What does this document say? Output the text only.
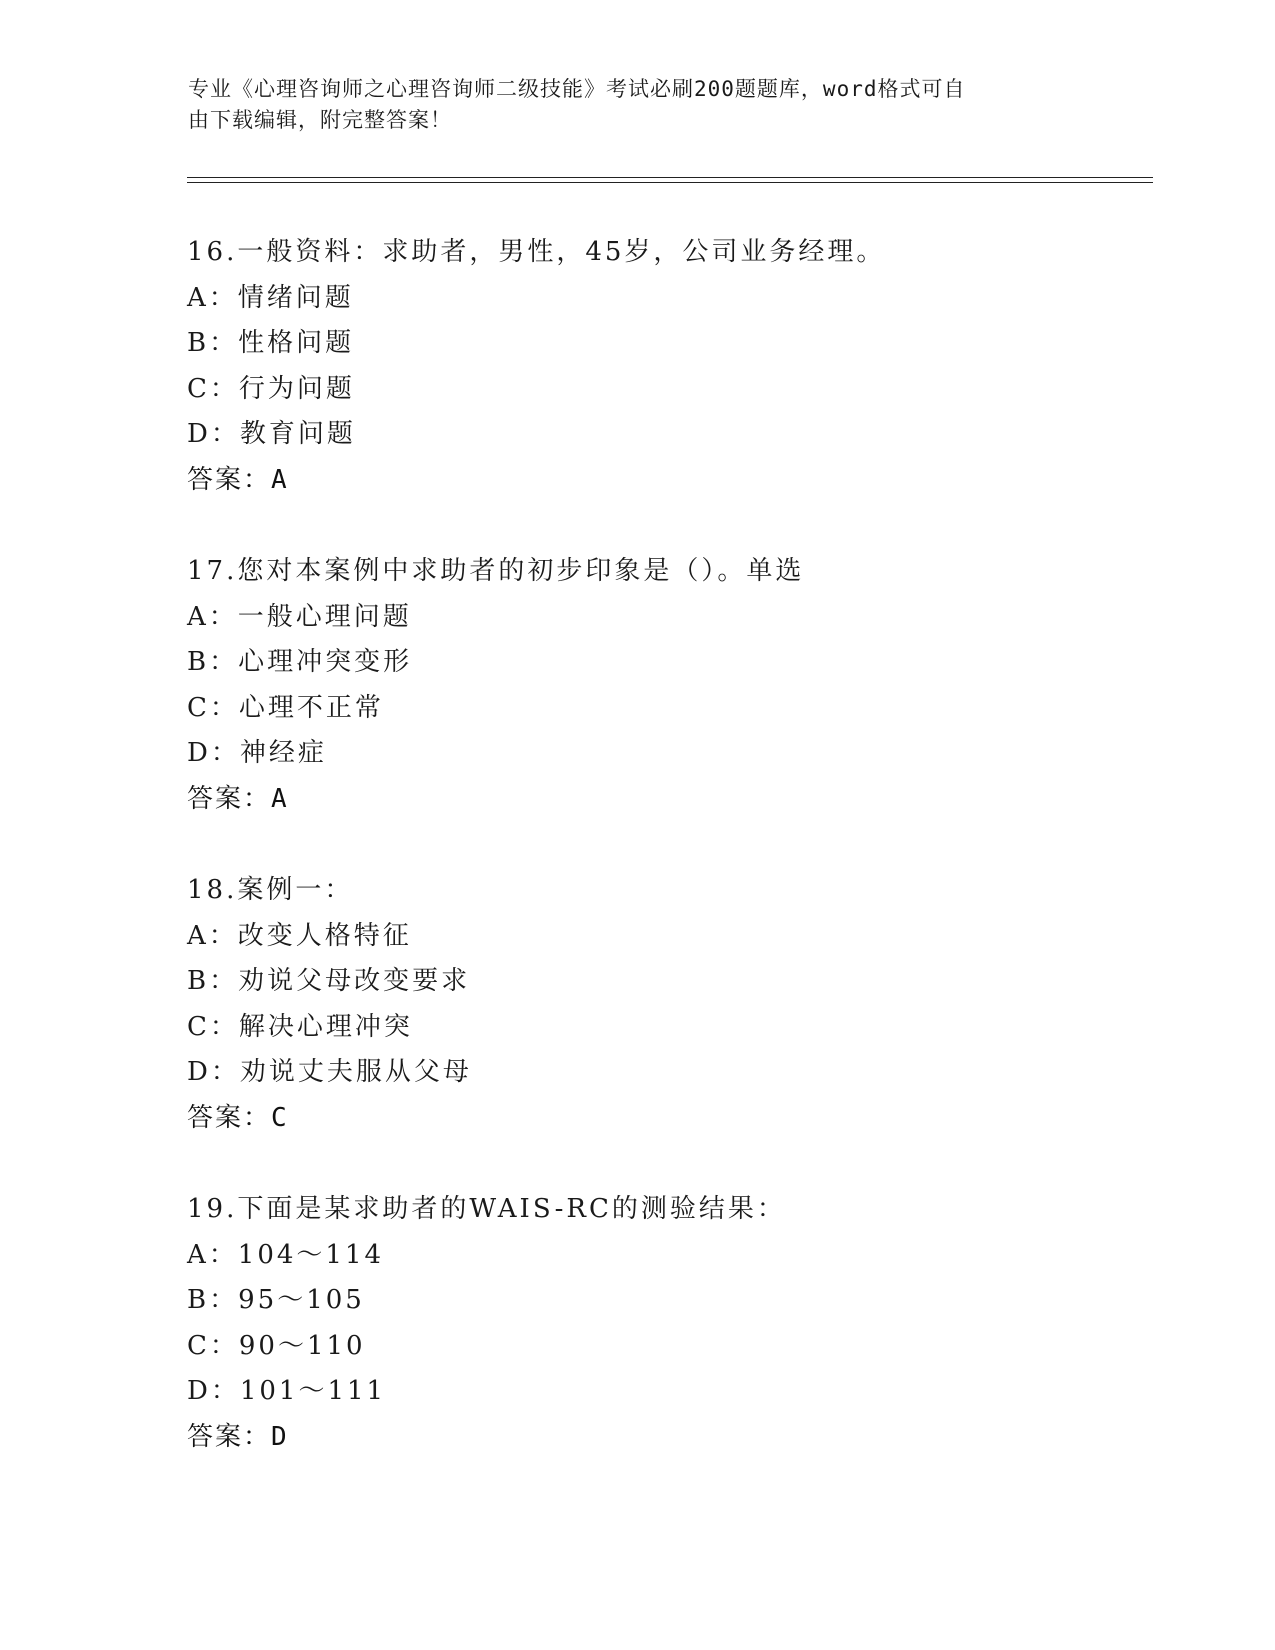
专业《心理咨询师之心理咨询师二级技能》考试必刷200题题库，word格式可自
由下载编辑，附完整答案！
16.一般资料：求助者，男性，45岁，公司业务经理。
A：情绪问题
B：性格问题
C：行为问题
D：教育问题
答案：A
17.您对本案例中求助者的初步印象是（）。单选
A：一般心理问题
B：心理冲突变形
C：心理不正常
D：神经症
答案：A
18.案例一：
A：改变人格特征
B：劝说父母改变要求
C：解决心理冲突
D：劝说丈夫服从父母
答案：C
19.下面是某求助者的WAIS-RC的测验结果：
A：104～114
B：95～105
C：90～110
D：101～111
答案：D
